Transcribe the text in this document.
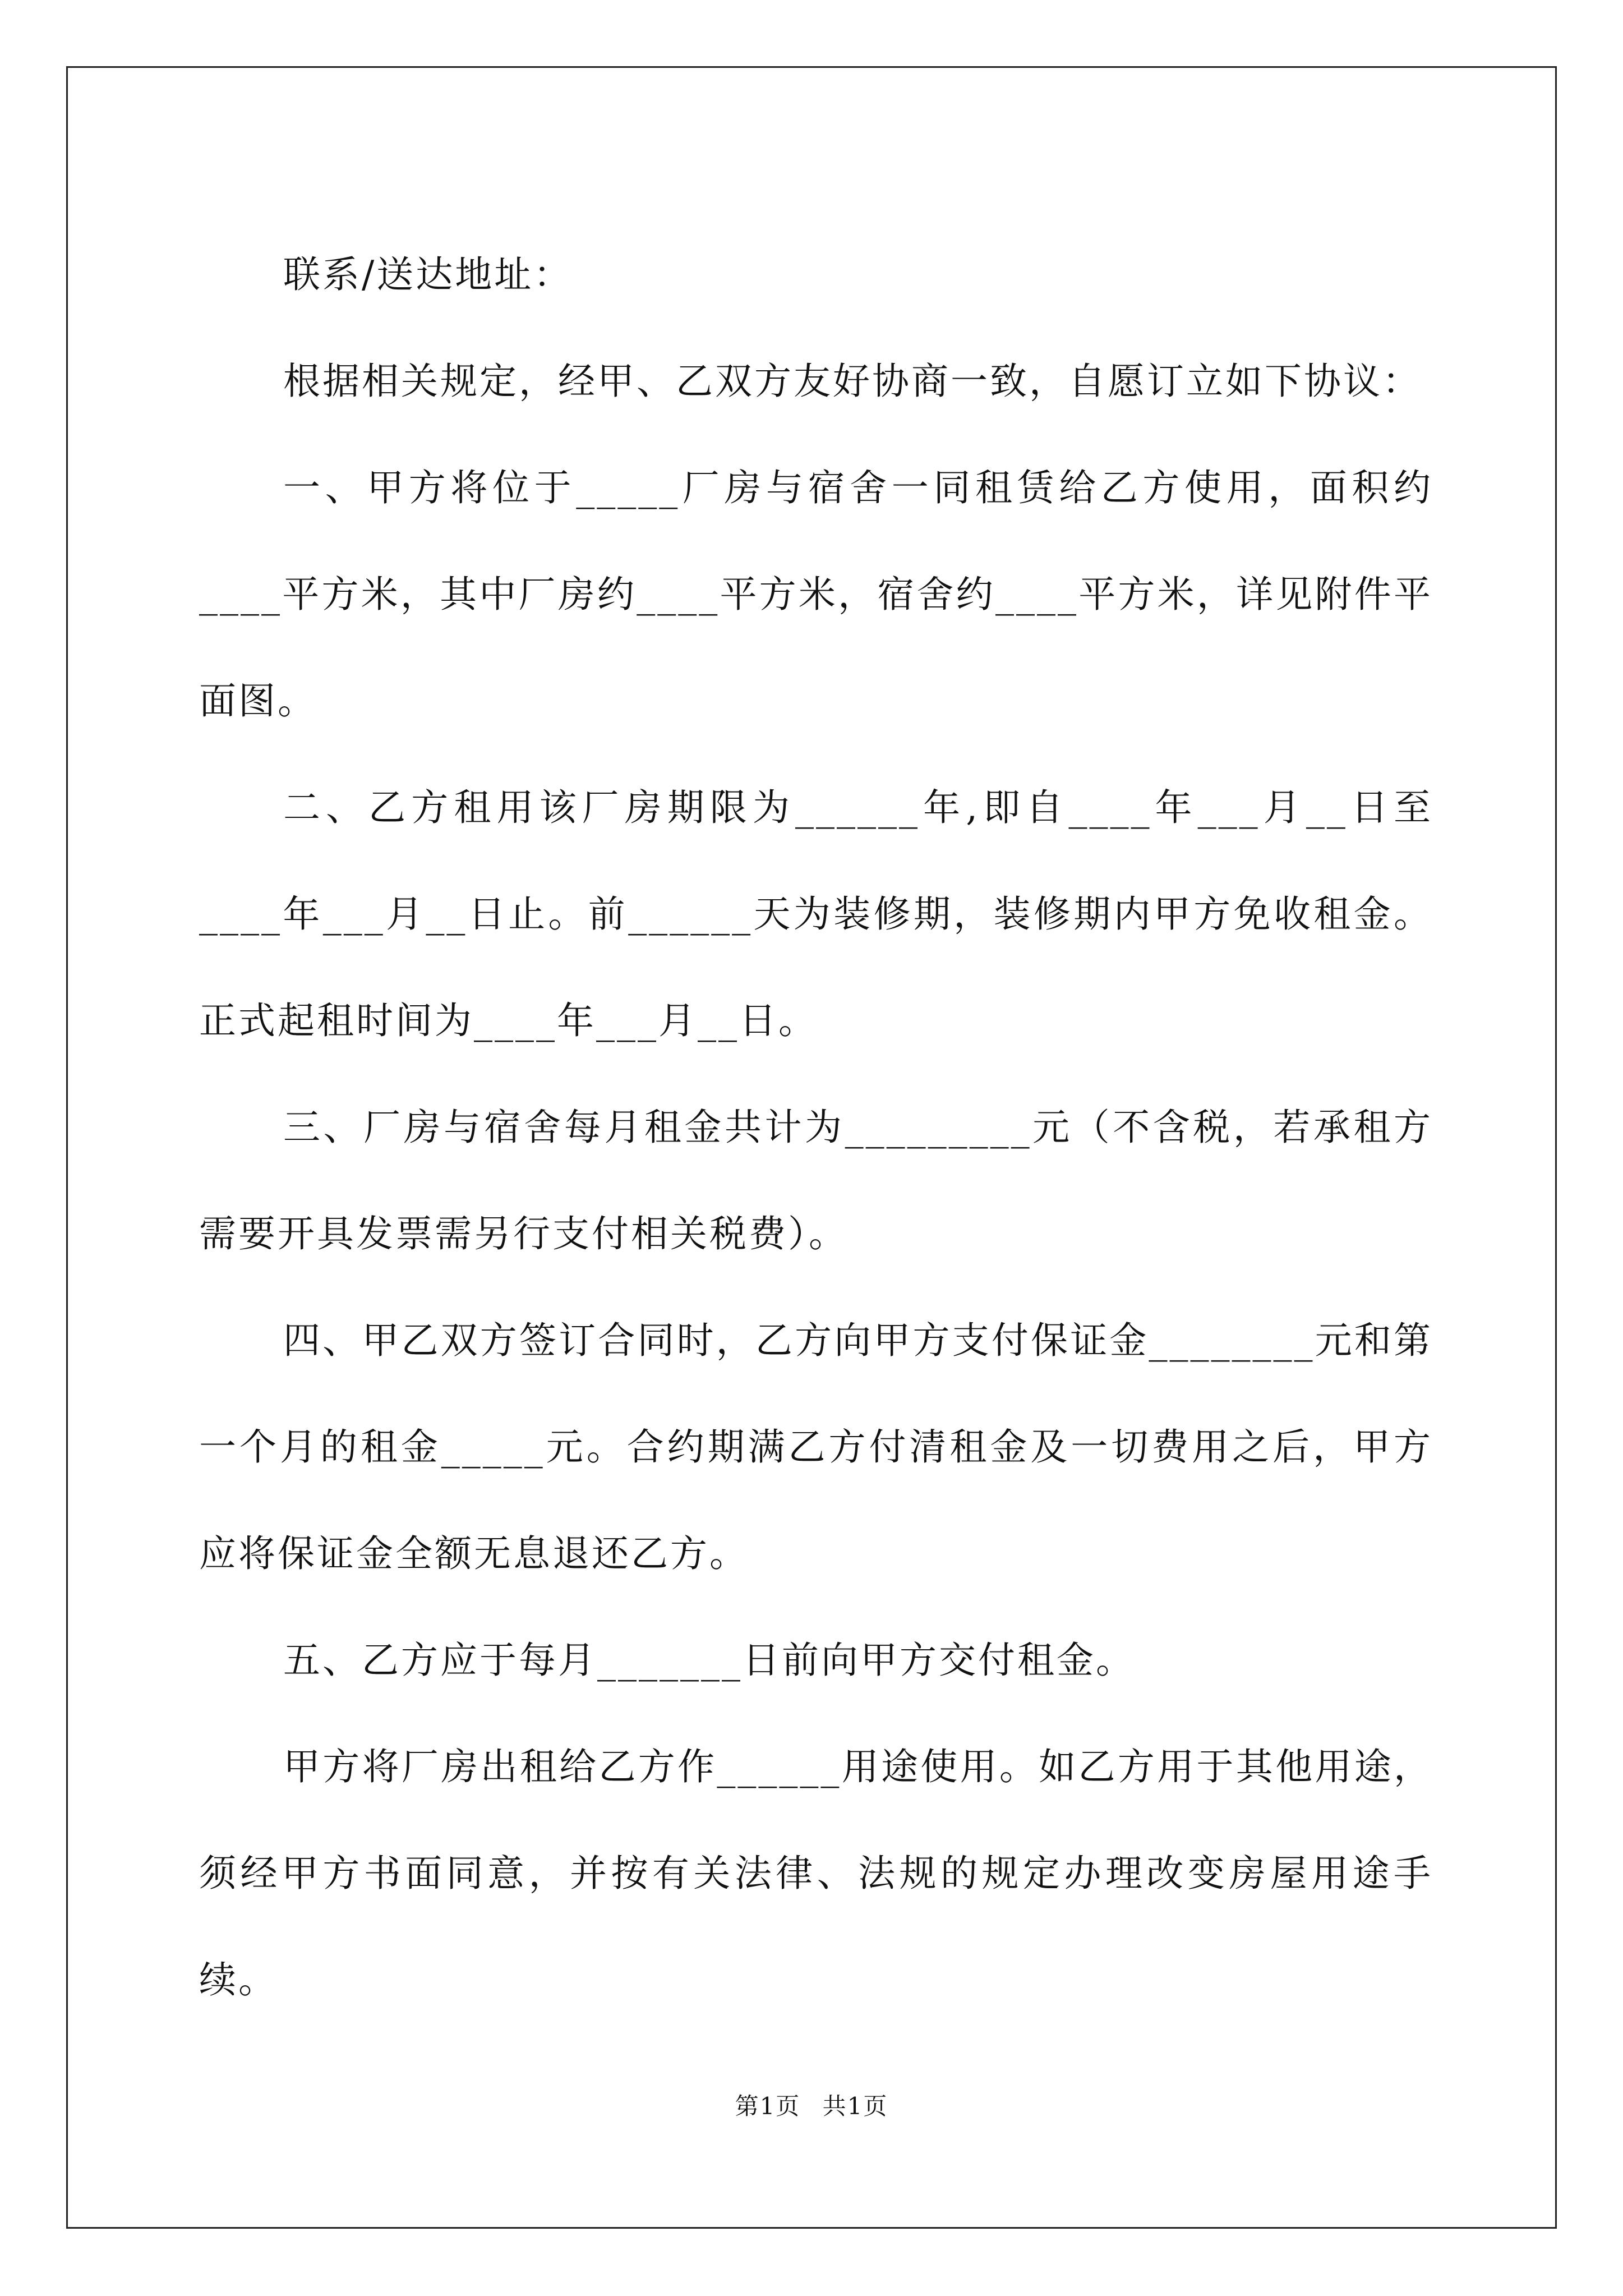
联系/送达地址：

根据相关规定，经甲、乙双方友好协商一致，自愿订立如下协议：

一、甲方将位于_____厂房与宿舍一同租赁给乙方使用，面积约____平方米，其中厂房约____平方米，宿舍约____平方米，详见附件平面图。

二、乙方租用该厂房期限为______年,即自____年___月__日至____年___月__日止。前______天为装修期，装修期内甲方免收租金。正式起租时间为____年___月__日。

三、厂房与宿舍每月租金共计为_________元（不含税，若承租方需要开具发票需另行支付相关税费）。

四、甲乙双方签订合同时，乙方向甲方支付保证金________元和第一个月的租金_____元。合约期满乙方付清租金及一切费用之后，甲方应将保证金全额无息退还乙方。

五、乙方应于每月_______日前向甲方交付租金。

甲方将厂房出租给乙方作______用途使用。如乙方用于其他用途，须经甲方书面同意，并按有关法律、法规的规定办理改变房屋用途手续。

第1页 共1页
